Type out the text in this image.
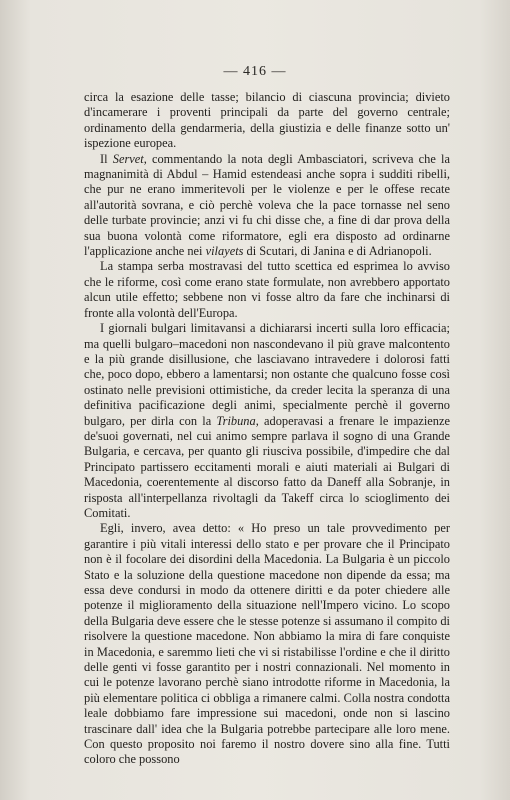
— 416 —

circa la esazione delle tasse; bilancio di ciascuna provincia; divieto d'incamerare i proventi principali da parte del governo centrale; ordinamento della gendarmeria, della giustizia e delle finanze sotto un' ispezione europea.

Il Servet, commentando la nota degli Ambasciatori, scriveva che la magnanimità di Abdul – Hamid estendeasi anche sopra i sudditi ribelli, che pur ne erano immeritevoli per le violenze e per le offese recate all'autorità sovrana, e ciò perchè voleva che la pace tornasse nel seno delle turbate provincie; anzi vi fu chi disse che, a fine di dar prova della sua buona volontà come riformatore, egli era disposto ad ordinarne l'applicazione anche nei vilayets di Scutari, di Janina e di Adrianopoli.

La stampa serba mostravasi del tutto scettica ed esprimea lo avviso che le riforme, così come erano state formulate, non avrebbero apportato alcun utile effetto; sebbene non vi fosse altro da fare che inchinarsi di fronte alla volontà dell'Europa.

I giornali bulgari limitavansi a dichiararsi incerti sulla loro efficacia; ma quelli bulgaro–macedoni non nascondevano il più grave malcontento e la più grande disillusione, che lasciavano intravedere i dolorosi fatti che, poco dopo, ebbero a lamentarsi; non ostante che qualcuno fosse così ostinato nelle previsioni ottimistiche, da creder lecita la speranza di una definitiva pacificazione degli animi, specialmente perchè il governo bulgaro, per dirla con la Tribuna, adoperavasi a frenare le impazienze de'suoi governati, nel cui animo sempre parlava il sogno di una Grande Bulgaria, e cercava, per quanto gli riusciva possibile, d'impedire che dal Principato partissero eccitamenti morali e aiuti materiali ai Bulgari di Macedonia, coerentemente al discorso fatto da Daneff alla Sobranje, in risposta all'interpellanza rivoltagli da Takeff circa lo scioglimento dei Comitati.

Egli, invero, avea detto: « Ho preso un tale provvedimento per garantire i più vitali interessi dello stato e per provare che il Principato non è il focolare dei disordini della Macedonia. La Bulgaria è un piccolo Stato e la soluzione della questione macedone non dipende da essa; ma essa deve condursi in modo da ottenere diritti e da poter chiedere alle potenze il miglioramento della situazione nell'Impero vicino. Lo scopo della Bulgaria deve essere che le stesse potenze si assumano il compito di risolvere la questione macedone. Non abbiamo la mira di fare conquiste in Macedonia, e saremmo lieti che vi si ristabilisse l'ordine e che il diritto delle genti vi fosse garantito per i nostri connazionali. Nel momento in cui le potenze lavorano perchè siano introdotte riforme in Macedonia, la più elementare politica ci obbliga a rimanere calmi. Colla nostra condotta leale dobbiamo fare impressione sui macedoni, onde non si lascino trascinare dall' idea che la Bulgaria potrebbe partecipare alle loro mene. Con questo proposito noi faremo il nostro dovere sino alla fine. Tutti coloro che possono
